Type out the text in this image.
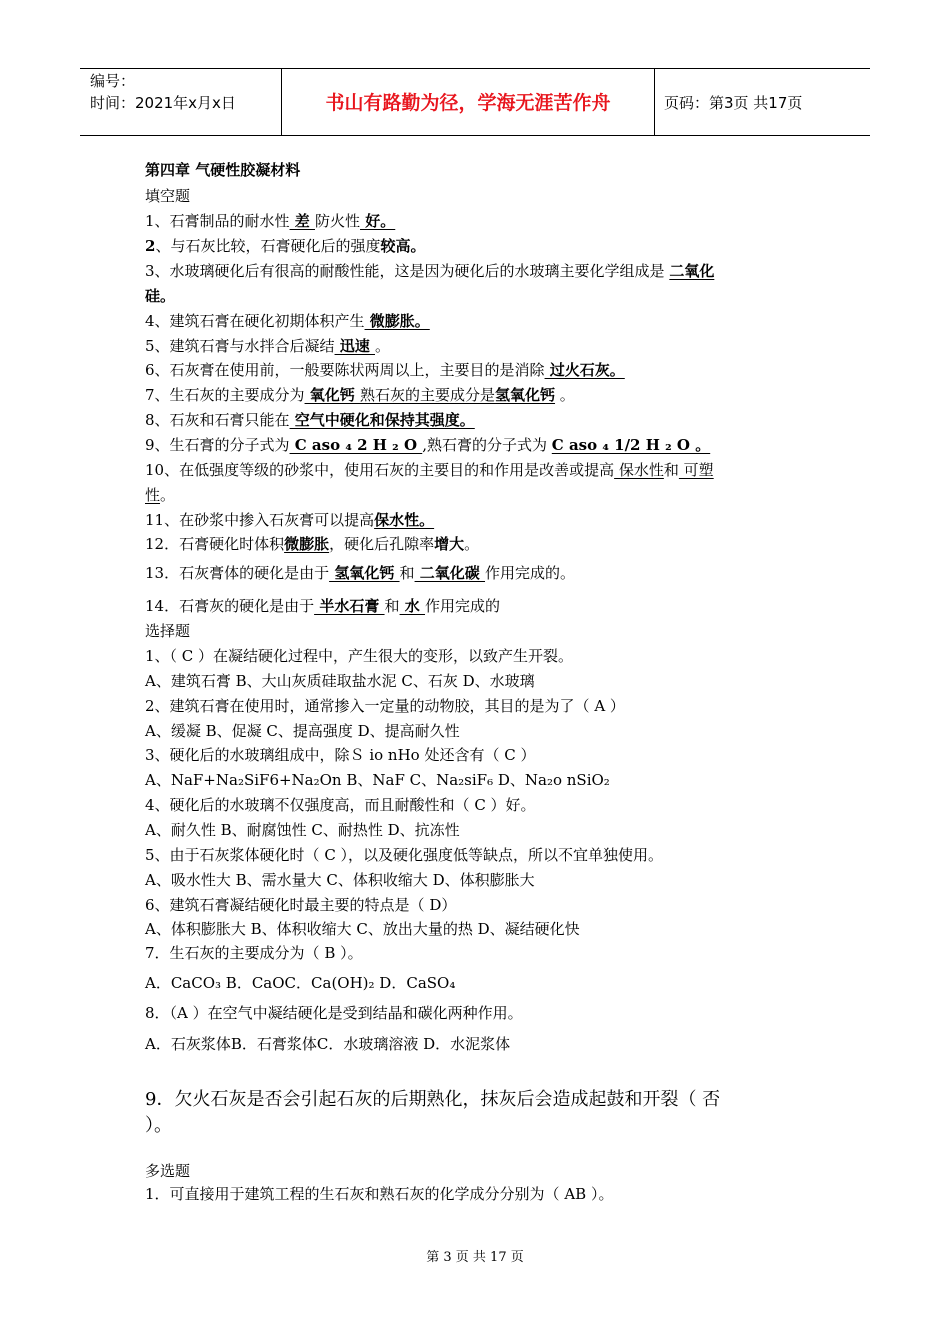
编号：
时间：2021年x月x日	书山有路勤为径，学海无涯苦作舟	页码：第3页 共17页
第四章 气硬性胶凝材料
填空题
1、石膏制品的耐水性 差 防火性 好。
2、与石灰比较，石膏硬化后的强度较高。
3、水玻璃硬化后有很高的耐酸性能，这是因为硬化后的水玻璃主要化学组成是 二氧化
硅。
4、建筑石膏在硬化初期体积产生 微膨胀。
5、建筑石膏与水拌合后凝结 迅速 。
6、石灰膏在使用前，一般要陈状两周以上，主要目的是消除 过火石灰。
7、生石灰的主要成分为 氧化钙 熟石灰的主要成分是氢氧化钙 。
8、石灰和石膏只能在 空气中硬化和保持其强度。
9、生石膏的分子式为 C aso ₄ 2 H ₂ O ,熟石膏的分子式为 C aso ₄ 1/2 H ₂ O 。
10、在低强度等级的砂浆中，使用石灰的主要目的和作用是改善或提高 保水性和 可塑
性。
11、在砂浆中掺入石灰膏可以提高保水性。
12．石膏硬化时体积微膨胀，硬化后孔隙率增大。
13．石灰膏体的硬化是由于 氢氧化钙 和 二氧化碳 作用完成的。
14．石膏灰的硬化是由于 半水石膏 和 水 作用完成的
选择题
1、（ C ）在凝结硬化过程中，产生很大的变形，以致产生开裂。
A、建筑石膏 B、大山灰质硅取盐水泥 C、石灰 D、水玻璃
2、建筑石膏在使用时，通常掺入一定量的动物胶，其目的是为了（ A ）
A、缓凝 B、促凝 C、提高强度 D、提高耐久性
3、硬化后的水玻璃组成中，除Ｓ io nHo 处还含有（ C ）
A、NaF+Na₂SiF6+Na₂On B、NaF C、Na₂siF₆ D、Na₂o nSiO₂
4、硬化后的水玻璃不仅强度高，而且耐酸性和（ C ）好。
A、耐久性 B、耐腐蚀性 C、耐热性 D、抗冻性
5、由于石灰浆体硬化时（ C ），以及硬化强度低等缺点，所以不宜单独使用。
A、吸水性大 B、需水量大 C、体积收缩大 D、体积膨胀大
6、建筑石膏凝结硬化时最主要的特点是（ D）
A、体积膨胀大 B、体积收缩大 C、放出大量的热 D、凝结硬化快
7．生石灰的主要成分为（ B ）。
A．CaCO₃ B．CaOC．Ca(OH)₂ D．CaSO₄
8．（A ）在空气中凝结硬化是受到结晶和碳化两种作用。
A．石灰浆体B．石膏浆体C．水玻璃溶液 D．水泥浆体
9．欠火石灰是否会引起石灰的后期熟化，抹灰后会造成起鼓和开裂（ 否
）。
多选题
1．可直接用于建筑工程的生石灰和熟石灰的化学成分分别为（ AB ）。
第 3 页 共 17 页
